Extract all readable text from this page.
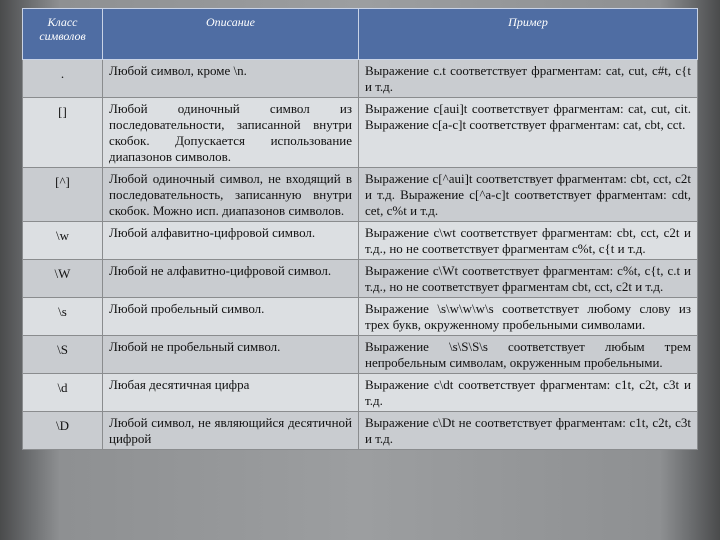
Класс символов	Описание	Пример
.	Любой символ, кроме \n.	Выражение c.t соответствует фрагментам: cat, cut, c#t, c{t и т.д.
[]	Любой одиночный символ из последовательности, записанной внутри скобок. Допускается использование диапазонов символов.	Выражение c[aui]t соответствует фрагментам: cat, cut, cit. Выражение c[a-c]t соответствует фрагментам: cat, cbt, cct.
[^]	Любой одиночный символ, не входящий в последовательность, записанную внутри скобок. Можно исп. диапазонов символов.	Выражение c[^aui]t соответствует фрагментам: cbt, cct, c2t и т.д. Выражение c[^a-c]t соответствует фрагментам: cdt, cet, c%t и т.д.
\w	Любой алфавитно-цифровой символ.	Выражение c\wt соответствует фрагментам: cbt, cct, c2t и т.д., но не соответствует фрагментам c%t, c{t и т.д.
\W	Любой не алфавитно-цифровой символ.	Выражение c\Wt соответствует фрагментам: c%t, c{t, c.t и т.д., но не соответствует фрагментам cbt, cct, c2t и т.д.
\s	Любой пробельный символ.	Выражение \s\w\w\w\s соответствует любому слову из трех букв, окруженному пробельными символами.
\S	Любой не пробельный символ.	Выражение \s\S\S\s соответствует любым трем непробельным символам, окруженным пробельными.
\d	Любая десятичная цифра	Выражение c\dt соответствует фрагментам: c1t, c2t, c3t и т.д.
\D	Любой символ, не являющийся десятичной цифрой	Выражение c\Dt не соответствует фрагментам: c1t, c2t, c3t и т.д.
